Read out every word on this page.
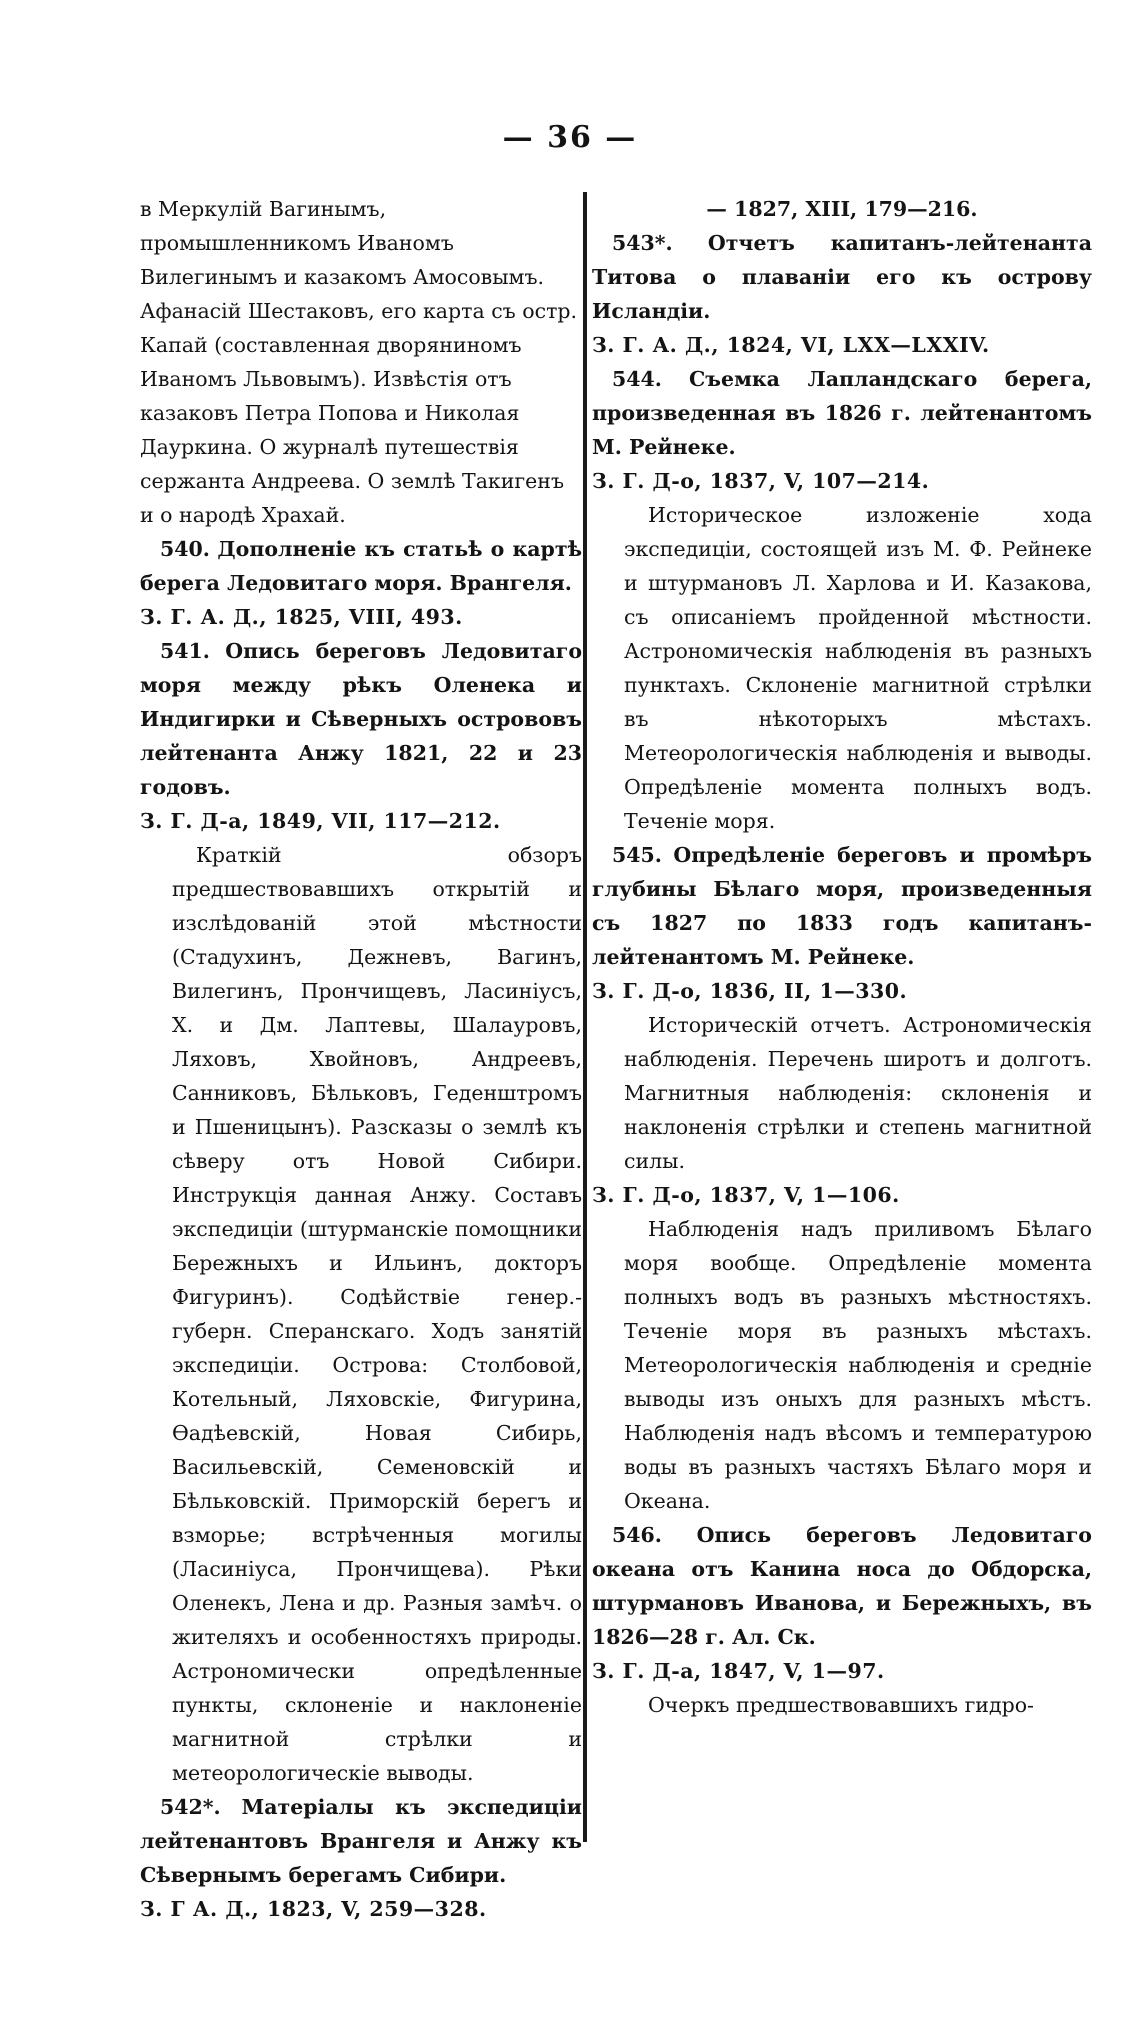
— 36 —

в Меркулій Вагинымъ, промышленникомъ Иваномъ Вилегинымъ и казакомъ Амосовымъ. Афанасій Шестаковъ, его карта съ остр. Капай (составленная дворяниномъ Иваномъ Львовымъ). Извѣстія отъ казаковъ Петра Попова и Николая Дауркина. О журналѣ путешествія сержанта Андреева. О землѣ Такигенъ и о народѣ Храхай.

540. Дополненіе къ статьѣ о картѣ берега Ледовитаго моря. Врангеля.

З. Г. А. Д., 1825, VIII, 493.

541. Опись береговъ Ледовитаго моря между рѣкъ Оленека и Индигирки и Сѣверныхъ острововъ лейтенанта Анжу 1821, 22 и 23 годовъ.

З. Г. Д-а, 1849, VII, 117—212.

Краткій обзоръ предшествовавшихъ открытій и изслѣдованій этой мѣстности (Стадухинъ, Дежневъ, Вагинъ, Вилегинъ, Прончищевъ, Ласиніусъ, Х. и Дм. Лаптевы, Шалауровъ, Ляховъ, Хвойновъ, Андреевъ, Санниковъ, Бѣльковъ, Геденштромъ и Пшеницынъ). Разсказы о землѣ къ сѣверу отъ Новой Сибири. Инструкція данная Анжу. Составъ экспедиціи (штурманскіе помощники Бережныхъ и Ильинъ, докторъ Фигуринъ). Содѣйствіе генер.-губерн. Сперанскаго. Ходъ занятій экспедиціи. Острова: Столбовой, Котельный, Ляховскіе, Фигурина, Ѳадѣевскій, Новая Сибирь, Васильевскій, Семеновскій и Бѣльковскій. Приморскій берегъ и взморье; встрѣченныя могилы (Ласиніуса, Прончищева). Рѣки Оленекъ, Лена и др. Разныя замѣч. о жителяхъ и особенностяхъ природы. Астрономически опредѣленные пункты, склоненіе и наклоненіе магнитной стрѣлки и метеорологическіе выводы.

542*. Матеріалы къ экспедиціи лейтенантовъ Врангеля и Анжу къ Сѣвернымъ берегамъ Сибири.

З. Г А. Д., 1823, V, 259—328.

— 1827, XIII, 179—216.

543*. Отчетъ капитанъ-лейтенанта Титова о плаваніи его къ острову Исландіи.

З. Г. А. Д., 1824, VI, LXX—LXXIV.

544. Съемка Лапландскаго берега, произведенная въ 1826 г. лейтенантомъ М. Рейнеке.

З. Г. Д-о, 1837, V, 107—214.

Историческое изложеніе хода экспедиціи, состоящей изъ М. Ф. Рейнеке и штурмановъ Л. Харлова и И. Казакова, съ описаніемъ пройденной мѣстности. Астрономическія наблюденія въ разныхъ пунктахъ. Склоненіе магнитной стрѣлки въ нѣкоторыхъ мѣстахъ. Метеорологическія наблюденія и выводы. Опредѣленіе момента полныхъ водъ. Теченіе моря.

545. Опредѣленіе береговъ и промѣръ глубины Бѣлаго моря, произведенныя съ 1827 по 1833 годъ капитанъ-лейтенантомъ М. Рейнеке.

З. Г. Д-о, 1836, II, 1—330.

Историческій отчетъ. Астрономическія наблюденія. Перечень широтъ и долготъ. Магнитныя наблюденія: склоненія и наклоненія стрѣлки и степень магнитной силы.

З. Г. Д-о, 1837, V, 1—106.

Наблюденія надъ приливомъ Бѣлаго моря вообще. Опредѣленіе момента полныхъ водъ въ разныхъ мѣстностяхъ. Теченіе моря въ разныхъ мѣстахъ. Метеорологическія наблюденія и средніе выводы изъ оныхъ для разныхъ мѣстъ. Наблюденія надъ вѣсомъ и температурою воды въ разныхъ частяхъ Бѣлаго моря и Океана.

546. Опись береговъ Ледовитаго океана отъ Канина носа до Обдорска, штурмановъ Иванова, и Бережныхъ, въ 1826—28 г. Ал. Ск.

З. Г. Д-а, 1847, V, 1—97.

Очеркъ предшествовавшихъ гидро-
